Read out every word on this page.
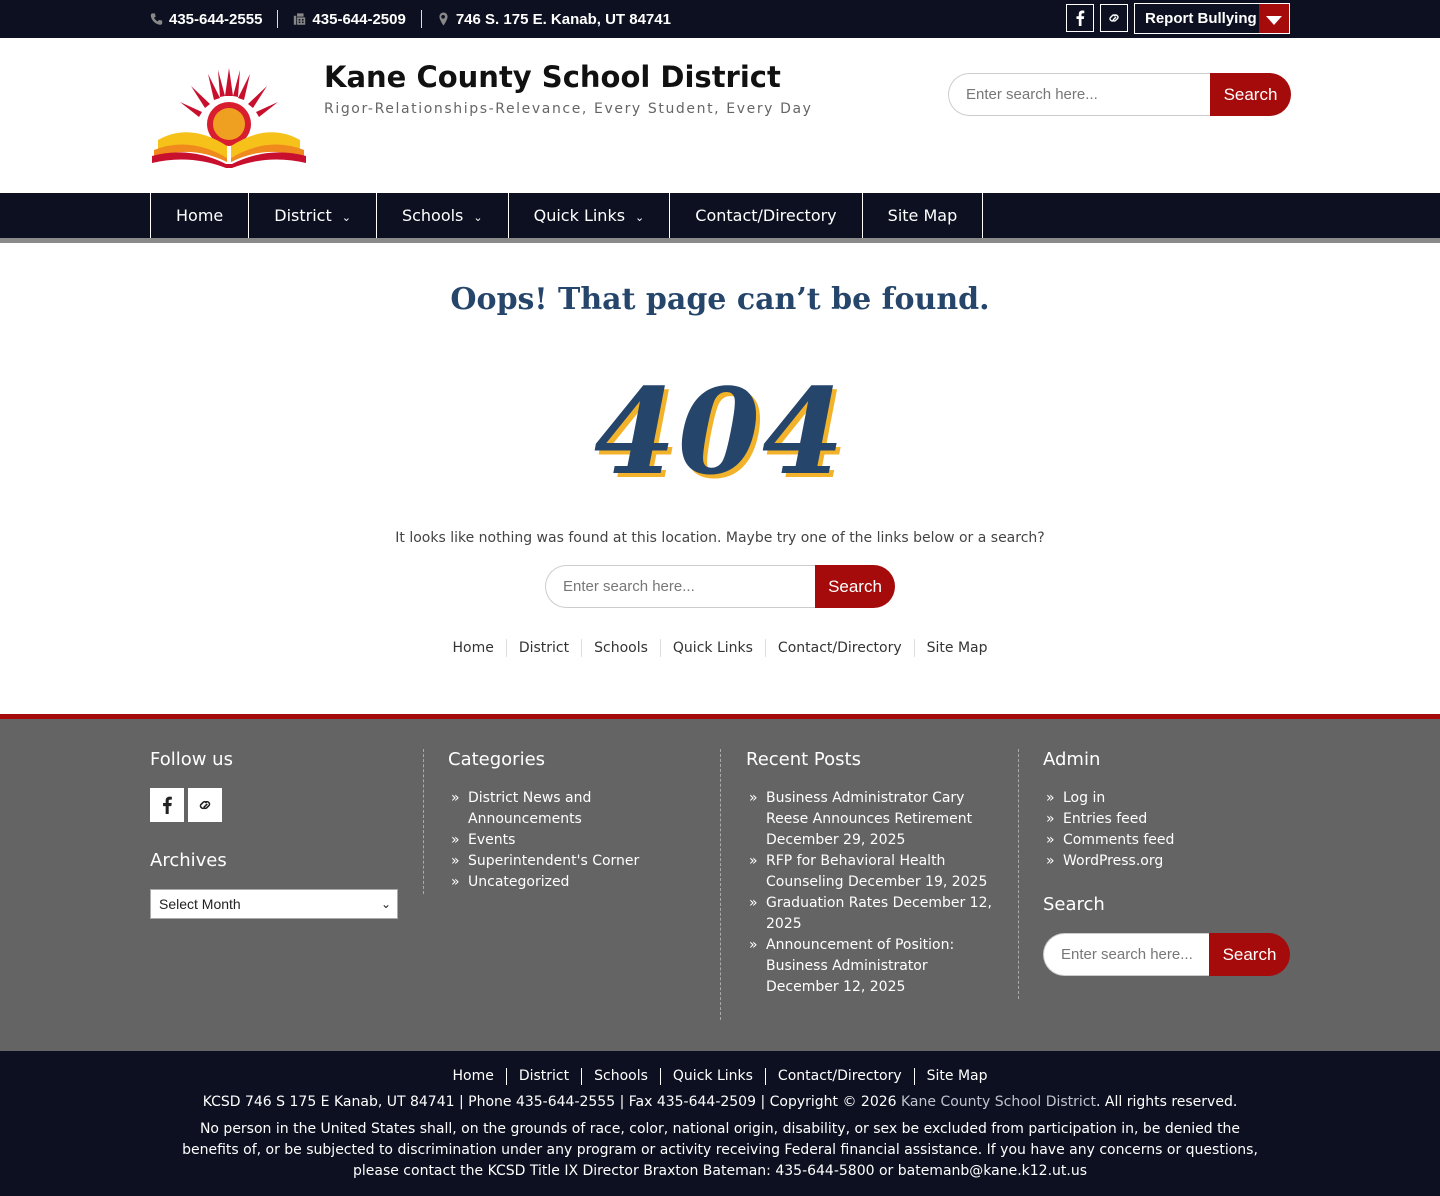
435-644-2555	435-644-2509	746 S. 175 E. Kanab, UT 84741	Report Bullying
Kane County School District
Rigor-Relationships-Relevance, Every Student, Every Day
Enter search here...
Search
Home	District ⌄	Schools ⌄	Quick Links ⌄	Contact/Directory	Site Map
Oops! That page can’t be found.
404

It looks like nothing was found at this location. Maybe try one of the links below or a search?

Enter search here...
Search
Home	District	Schools	Quick Links	Contact/Directory	Site Map
Follow us
Archives
Select Month	⌄
Categories
» District News and Announcements
» Events
» Superintendent's Corner
» Uncategorized
Recent Posts
» Business Administrator Cary Reese Announces Retirement December 29, 2025
» RFP for Behavioral Health Counseling December 19, 2025
» Graduation Rates December 12, 2025
» Announcement of Position: Business Administrator December 12, 2025
Admin
» Log in
» Entries feed
» Comments feed
» WordPress.org
Search
Enter search here...
Search
Home	District	Schools	Quick Links	Contact/Directory	Site Map
KCSD 746 S 175 E Kanab, UT 84741 | Phone 435-644-2555 | Fax 435-644-2509 | Copyright © 2026 Kane County School District. All rights reserved.
No person in the United States shall, on the grounds of race, color, national origin, disability, or sex be excluded from participation in, be denied the benefits of, or be subjected to discrimination under any program or activity receiving Federal financial assistance. If you have any concerns or questions, please contact the KCSD Title IX Director Braxton Bateman: 435-644-5800 or batemanb@kane.k12.ut.us
